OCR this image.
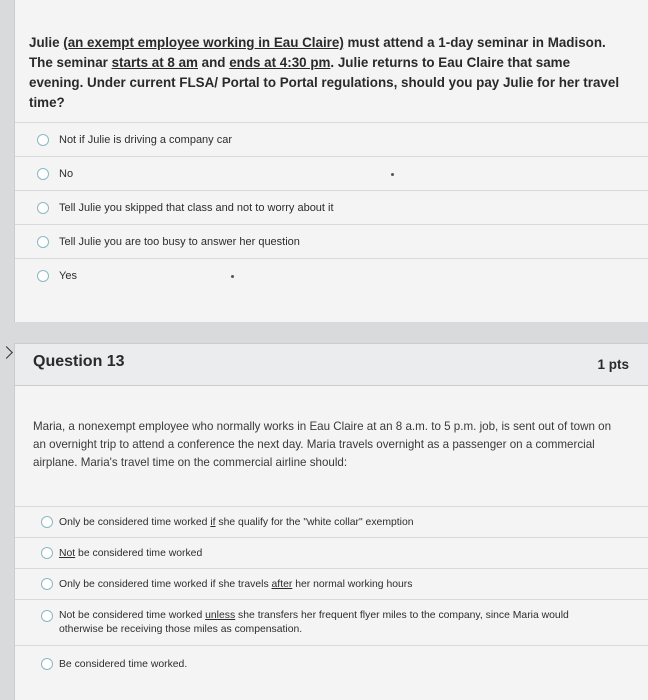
Julie (an exempt employee working in Eau Claire) must attend a 1-day seminar in Madison. The seminar starts at 8 am and ends at 4:30 pm. Julie returns to Eau Claire that same evening. Under current FLSA/ Portal to Portal regulations, should you pay Julie for her travel time?
Not if Julie is driving a company car
No
Tell Julie you skipped that class and not to worry about it
Tell Julie you are too busy to answer her question
Yes
Question 13	1 pts
Maria, a nonexempt employee who normally works in Eau Claire at an 8 a.m. to 5 p.m. job, is sent out of town on an overnight trip to attend a conference the next day. Maria travels overnight as a passenger on a commercial airplane. Maria's travel time on the commercial airline should:
Only be considered time worked if she qualify for the "white collar" exemption
Not be considered time worked
Only be considered time worked if she travels after her normal working hours
Not be considered time worked unless she transfers her frequent flyer miles to the company, since Maria would otherwise be receiving those miles as compensation.
Be considered time worked.
